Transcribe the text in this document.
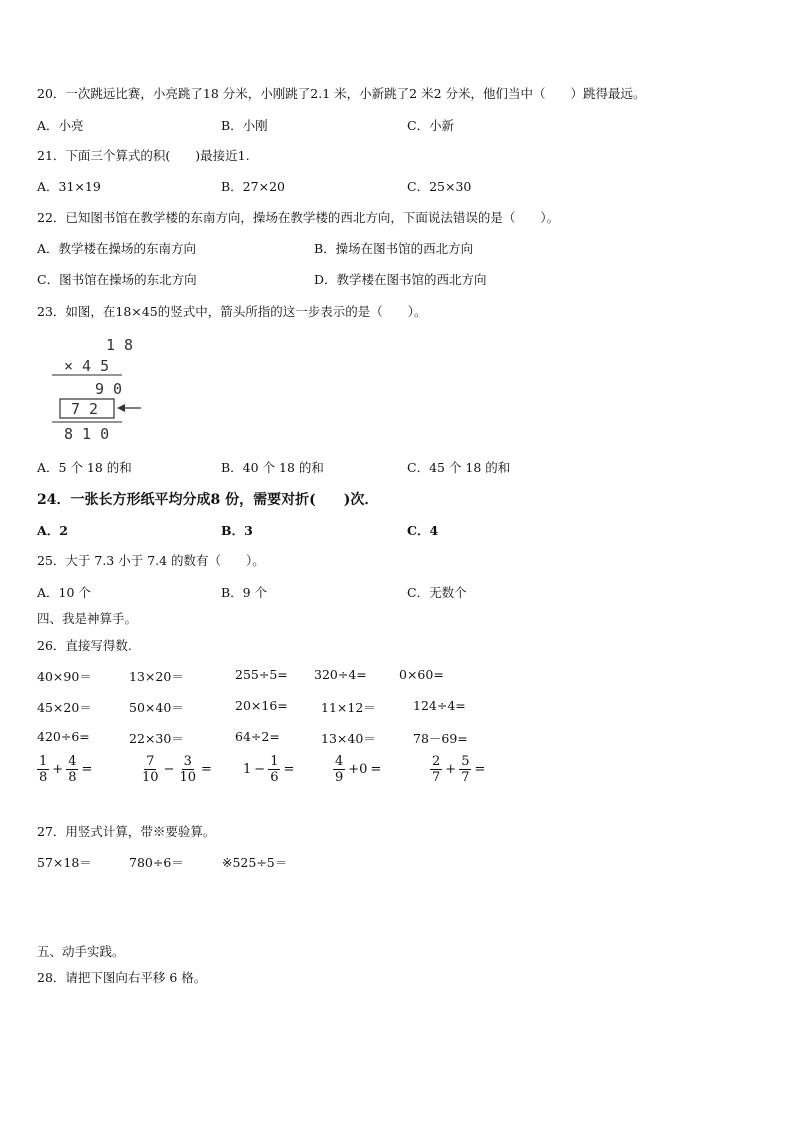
20．一次跳远比赛，小亮跳了18 分米，小刚跳了2.1 米，小新跳了2 米2 分米，他们当中（　　）跳得最远。
A．小亮	B．小刚	C．小新
21．下面三个算式的积(　　)最接近1.
A．31×19	B．27×20	C．25×30
22．已知图书馆在教学楼的东南方向，操场在教学楼的西北方向，下面说法错误的是（　　）。
A．教学楼在操场的东南方向	B．操场在图书馆的西北方向
C．图书馆在操场的东北方向	D．教学楼在图书馆的西北方向
23．如图，在18×45的竖式中，箭头所指的这一步表示的是（　　）。
1 8
× 4 5
9 0
7 2
8 1 0
A．5 个 18 的和	B．40 个 18 的和	C．45 个 18 的和
24．一张长方形纸平均分成8 份，需要对折(　　)次．
A．2	B．3	C．4
25．大于 7.3 小于 7.4 的数有（　　）。
A．10 个	B．9 个	C．无数个
四、我是神算手。
26．直接写得数.
40×90＝	13×20＝	255÷5= 320÷4=	0×60=
45×20＝	50×40＝	20×16=	11×12＝	124÷4=
420÷6=	22×30＝	64÷2=	13×40＝	78－69=
$\frac{1}{8} + \frac{4}{8}$ =	$\frac{7}{10} - \frac{3}{10} = 1 - \frac{1}{6}$ =	$\frac{4}{9} +0$ =	$\frac{2}{7} + \frac{5}{7}$ =
27．用竖式计算，带※要验算。
57×18＝	780÷6＝	※525÷5＝
五、动手实践。
28．请把下图向右平移 6 格。
